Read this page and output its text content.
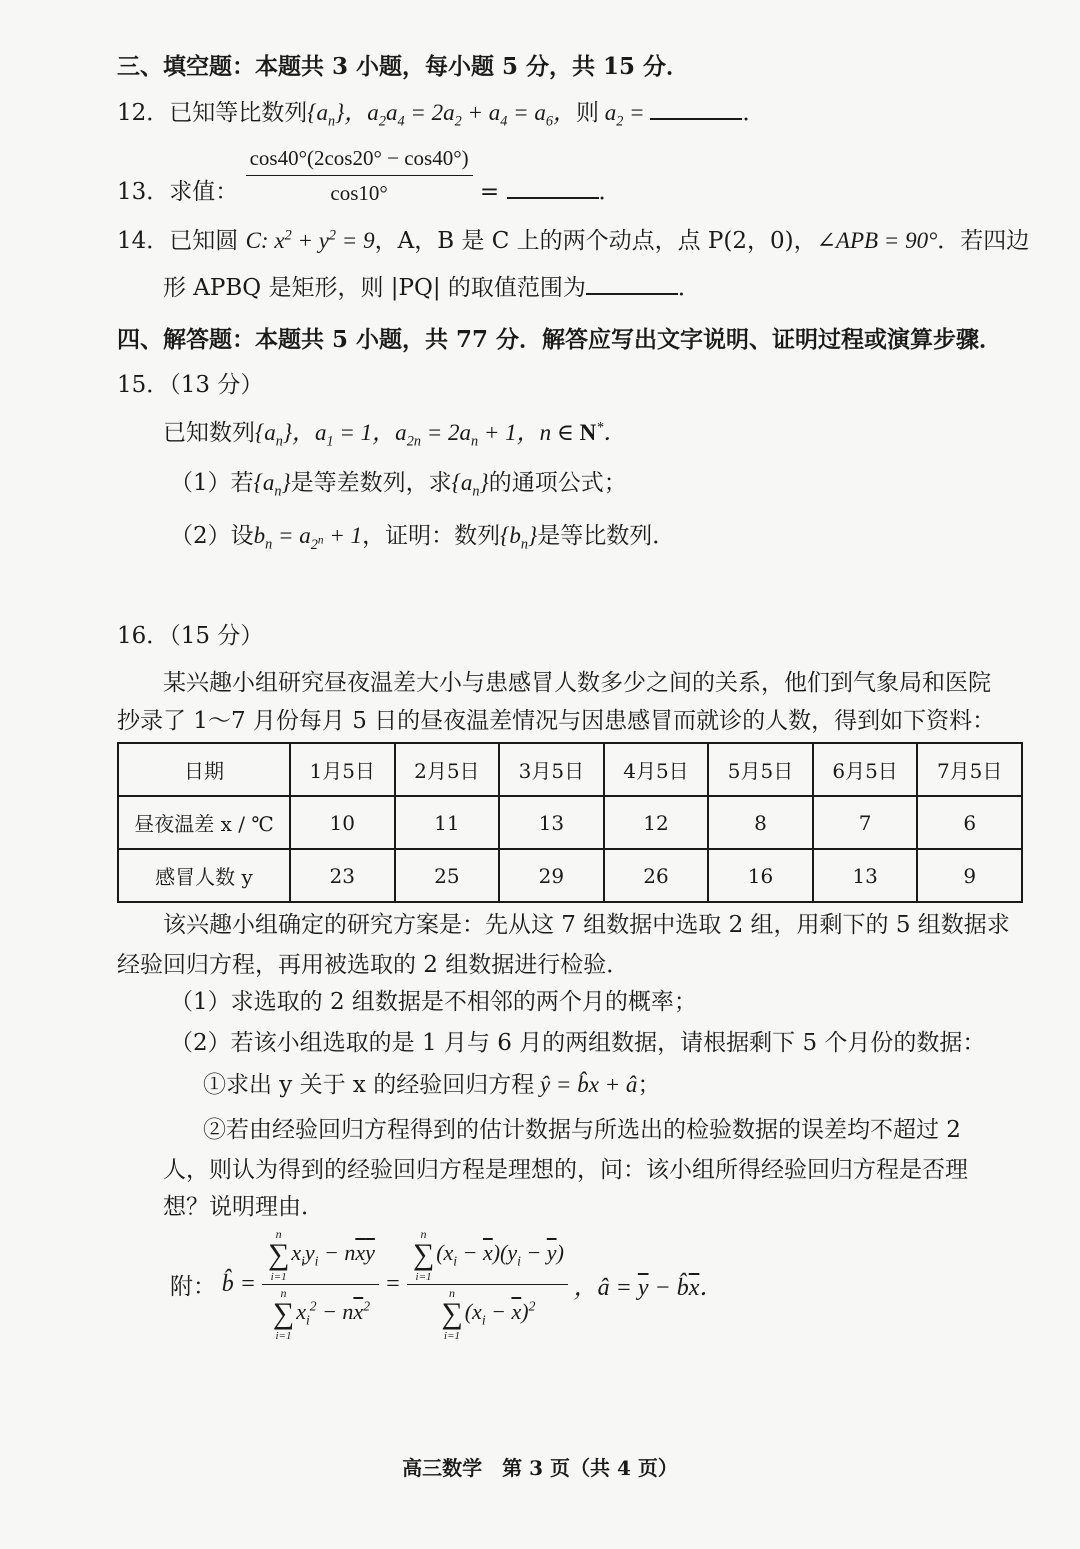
三、填空题：本题共 3 小题，每小题 5 分，共 15 分．
12．已知等比数列$\{a_n\}$，$a_2a_4 = 2a_2 + a_4 = a_6$，则 $a_2$ =	．
13．求值： $\frac{\cos 40^\circ(2\cos 20^\circ - \cos 40^\circ)}{\cos 10^\circ}$ =	．
14．已知圆 C: $x^2 + y^2 = 9$，A，B 是 C 上的两个动点，点 P(2，0)，∠APB = 90°．若四边
形 APBQ 是矩形，则 |PQ| 的取值范围为	．
四、解答题：本题共 5 小题，共 77 分．解答应写出文字说明、证明过程或演算步骤．
15．（13 分）
已知数列$\{a_n\}$，$a_1 = 1$，$a_{2n} = 2a_n + 1$，n ∈ N*．
（1）若$\{a_n\}$是等差数列，求$\{a_n\}$的通项公式；
（2）设$b_n = a_{2^n} + 1$，证明：数列$\{b_n\}$是等比数列．
16．（15 分）
某兴趣小组研究昼夜温差大小与患感冒人数多少之间的关系，他们到气象局和医院
抄录了 1～7 月份每月 5 日的昼夜温差情况与因患感冒而就诊的人数，得到如下资料：
日期	1月5日	2月5日	3月5日	4月5日	5月5日	6月5日	7月5日
昼夜温差 x / ℃	10	11	13	12	8	7	6
感冒人数 y	23	25	29	26	16	13	9
该兴趣小组确定的研究方案是：先从这 7 组数据中选取 2 组，用剩下的 5 组数据求
经验回归方程，再用被选取的 2 组数据进行检验．
（1）求选取的 2 组数据是不相邻的两个月的概率；
（2）若该小组选取的是 1 月与 6 月的两组数据，请根据剩下 5 个月份的数据：
①求出 y 关于 x 的经验回归方程 ŷ = b̂x + â；
②若由经验回归方程得到的估计数据与所选出的检验数据的误差均不超过 2
人，则认为得到的经验回归方程是理想的，问：该小组所得经验回归方程是否理
想？说明理由．
附： b̂ = ∑
n
i=1
$x_iy_i - n\overline{x}\overline{y}$
∑
n
i=1
$x_i^2 - n\overline{x}^2$ = ∑
n
i=1
$(x_i - \overline{x})(y_i - \overline{y})$
∑
n
i=1
$(x_i - \overline{x})^2$ ，â = $\overline{y}$ − $b̂\overline{x}$．
高三数学　第 3 页（共 4 页）
